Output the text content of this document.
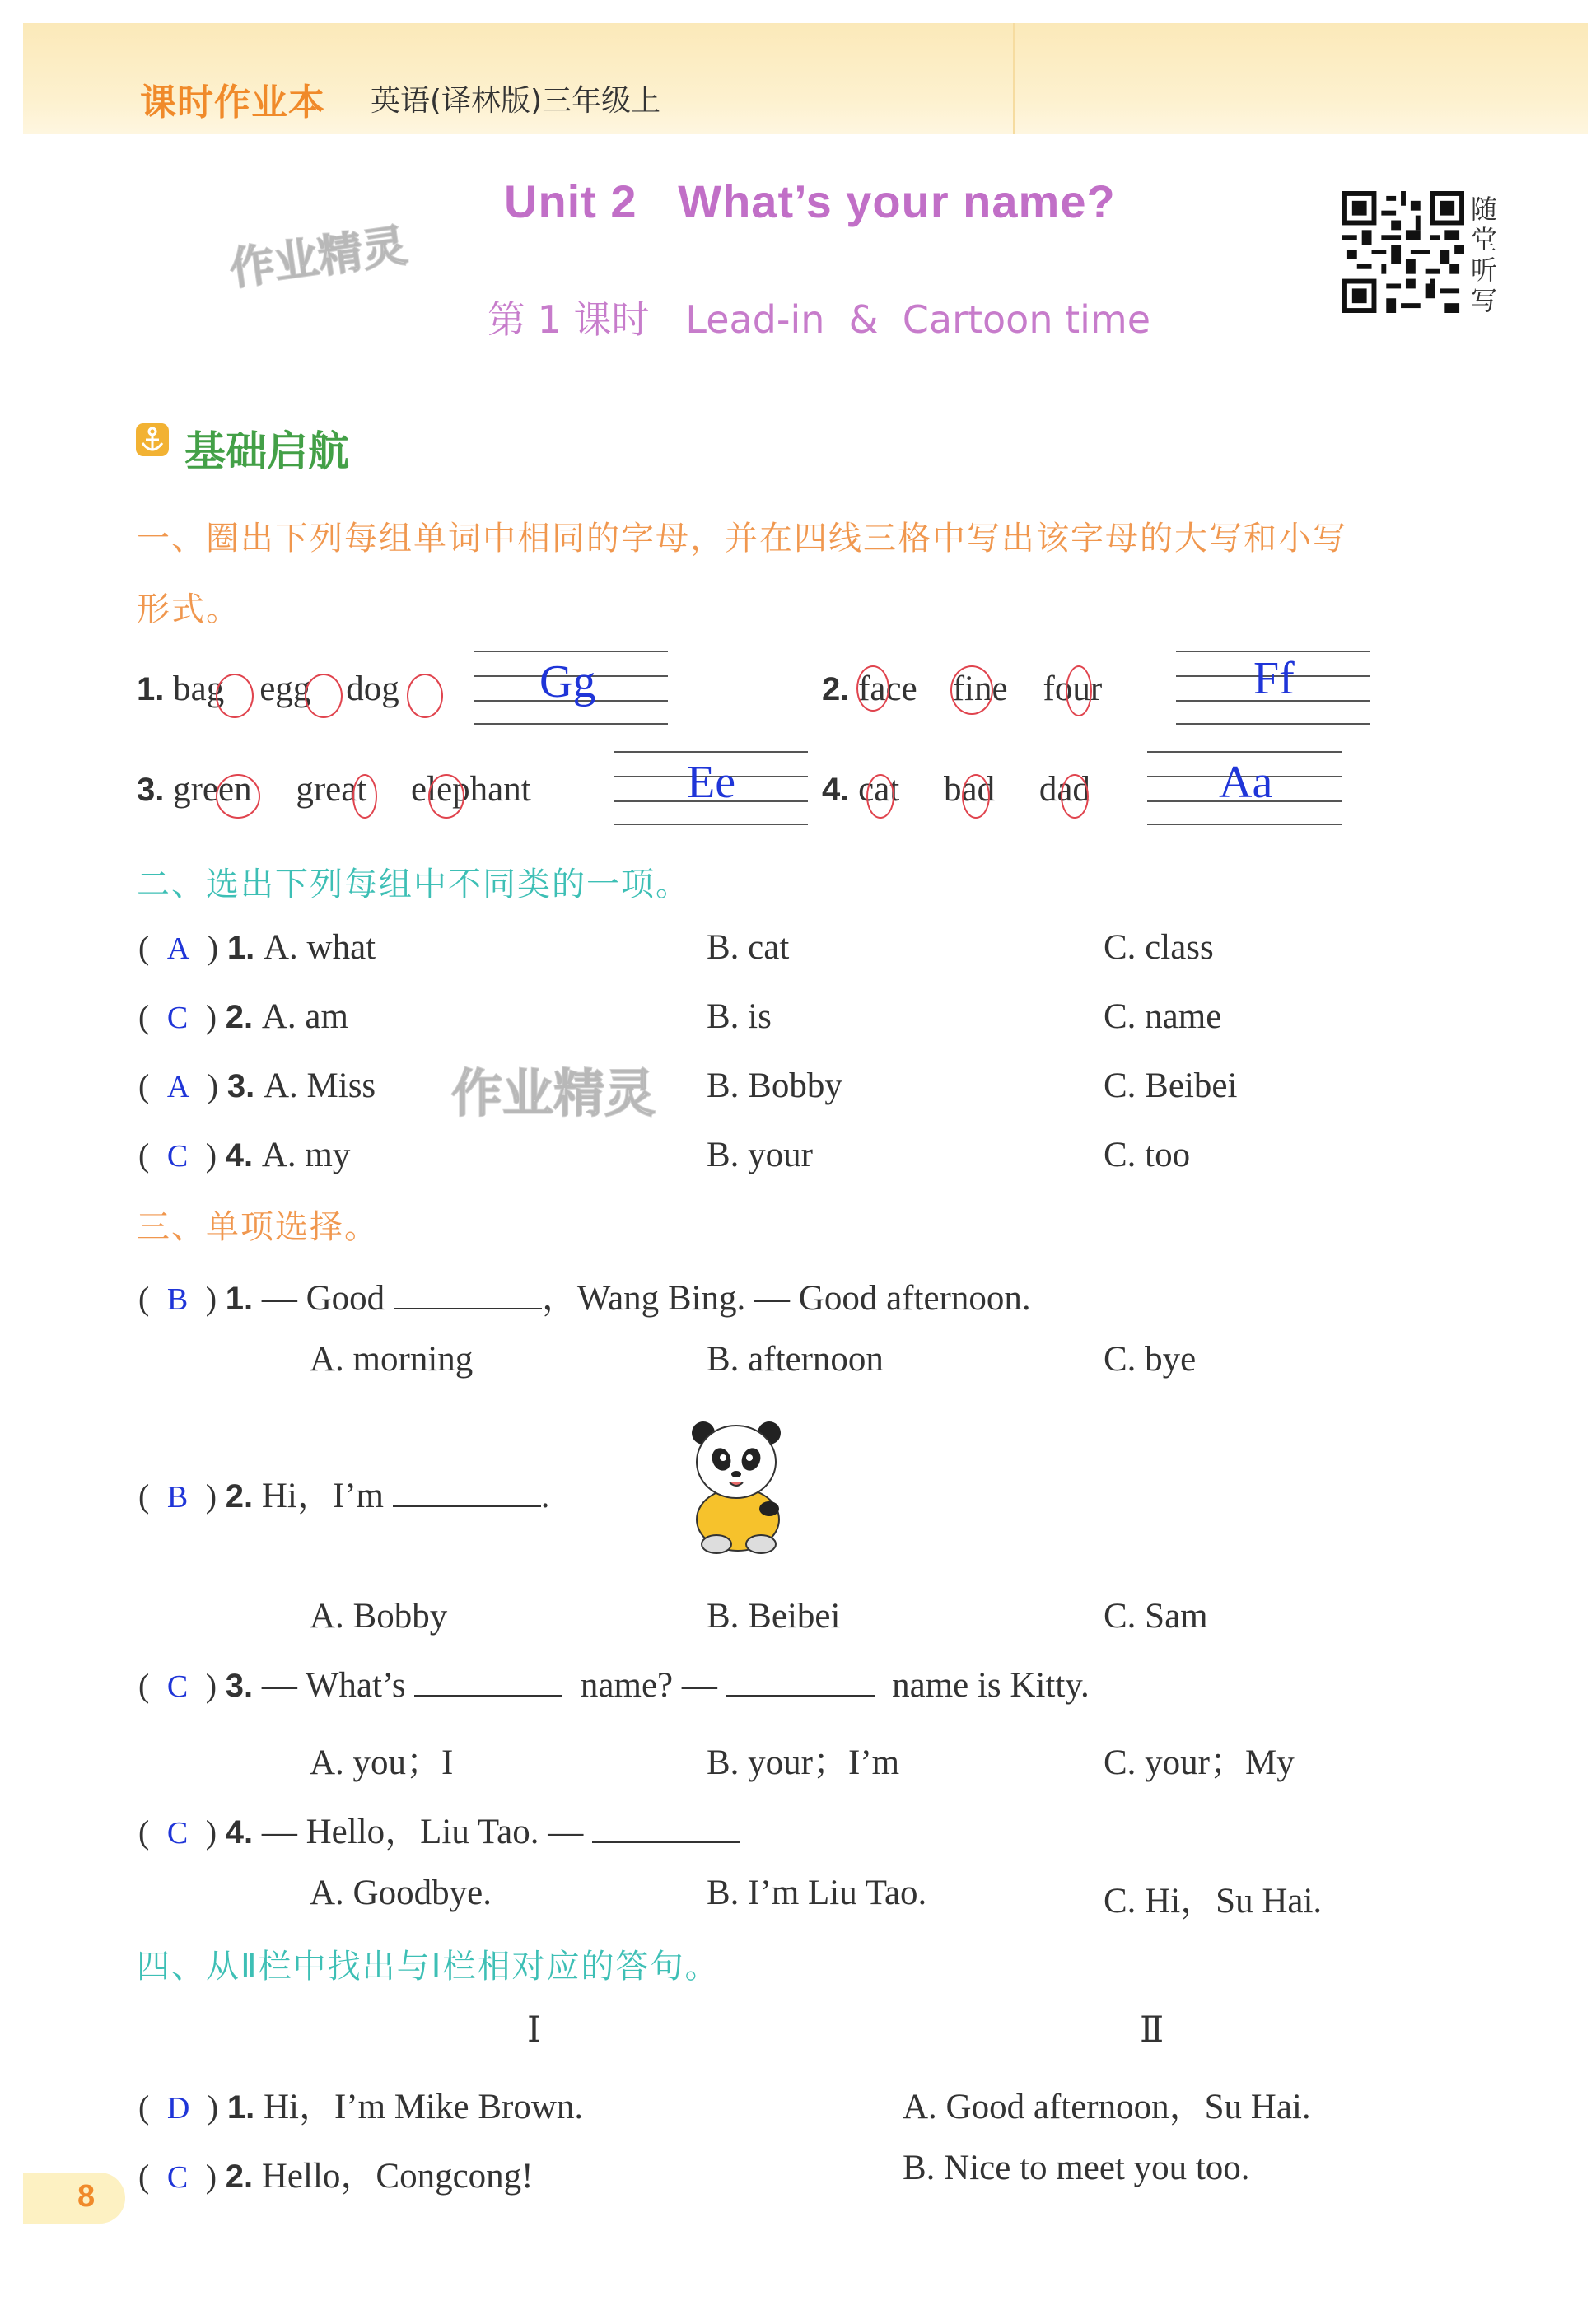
课时作业本 英语(译林版)三年级上
Unit 2   What’s your name?
第 1 课时   Lead-in  &  Cartoon time
作业精灵
随堂听写
基础启航
一、圈出下列每组单词中相同的字母，并在四线三格中写出该字母的大写和小写
形式。
1. bag egg dog	Gg	2. face fine four	Ff
3. green great elephant	Ee	4. cat bad dad	Aa
二、选出下列每组中不同类的一项。
( A ) 1. A. what	B. cat	C. class
( C ) 2. A. am	B. is	C. name
( A ) 3. A. Miss	B. Bobby	C. Beibei
作业精灵
( C ) 4. A. my	B. your	C. too
三、单项选择。
( B ) 1. — Good	，Wang Bing. — Good afternoon.
A. morning	B. afternoon	C. bye
( B ) 2. Hi，I’m	.
A. Bobby	B. Beibei	C. Sam
( C ) 3. — What’s	name? —	name is Kitty.
A. you；I	B. your；I’m	C. your；My
( C ) 4. — Hello，Liu Tao. —
A. Goodbye.	B. I’m Liu Tao.	C. Hi，Su Hai.
四、从Ⅱ栏中找出与Ⅰ栏相对应的答句。
Ⅰ	Ⅱ
( D ) 1. Hi，I’m Mike Brown.	A. Good afternoon，Su Hai.
( C ) 2. Hello，Congcong!	B. Nice to meet you too.
8
